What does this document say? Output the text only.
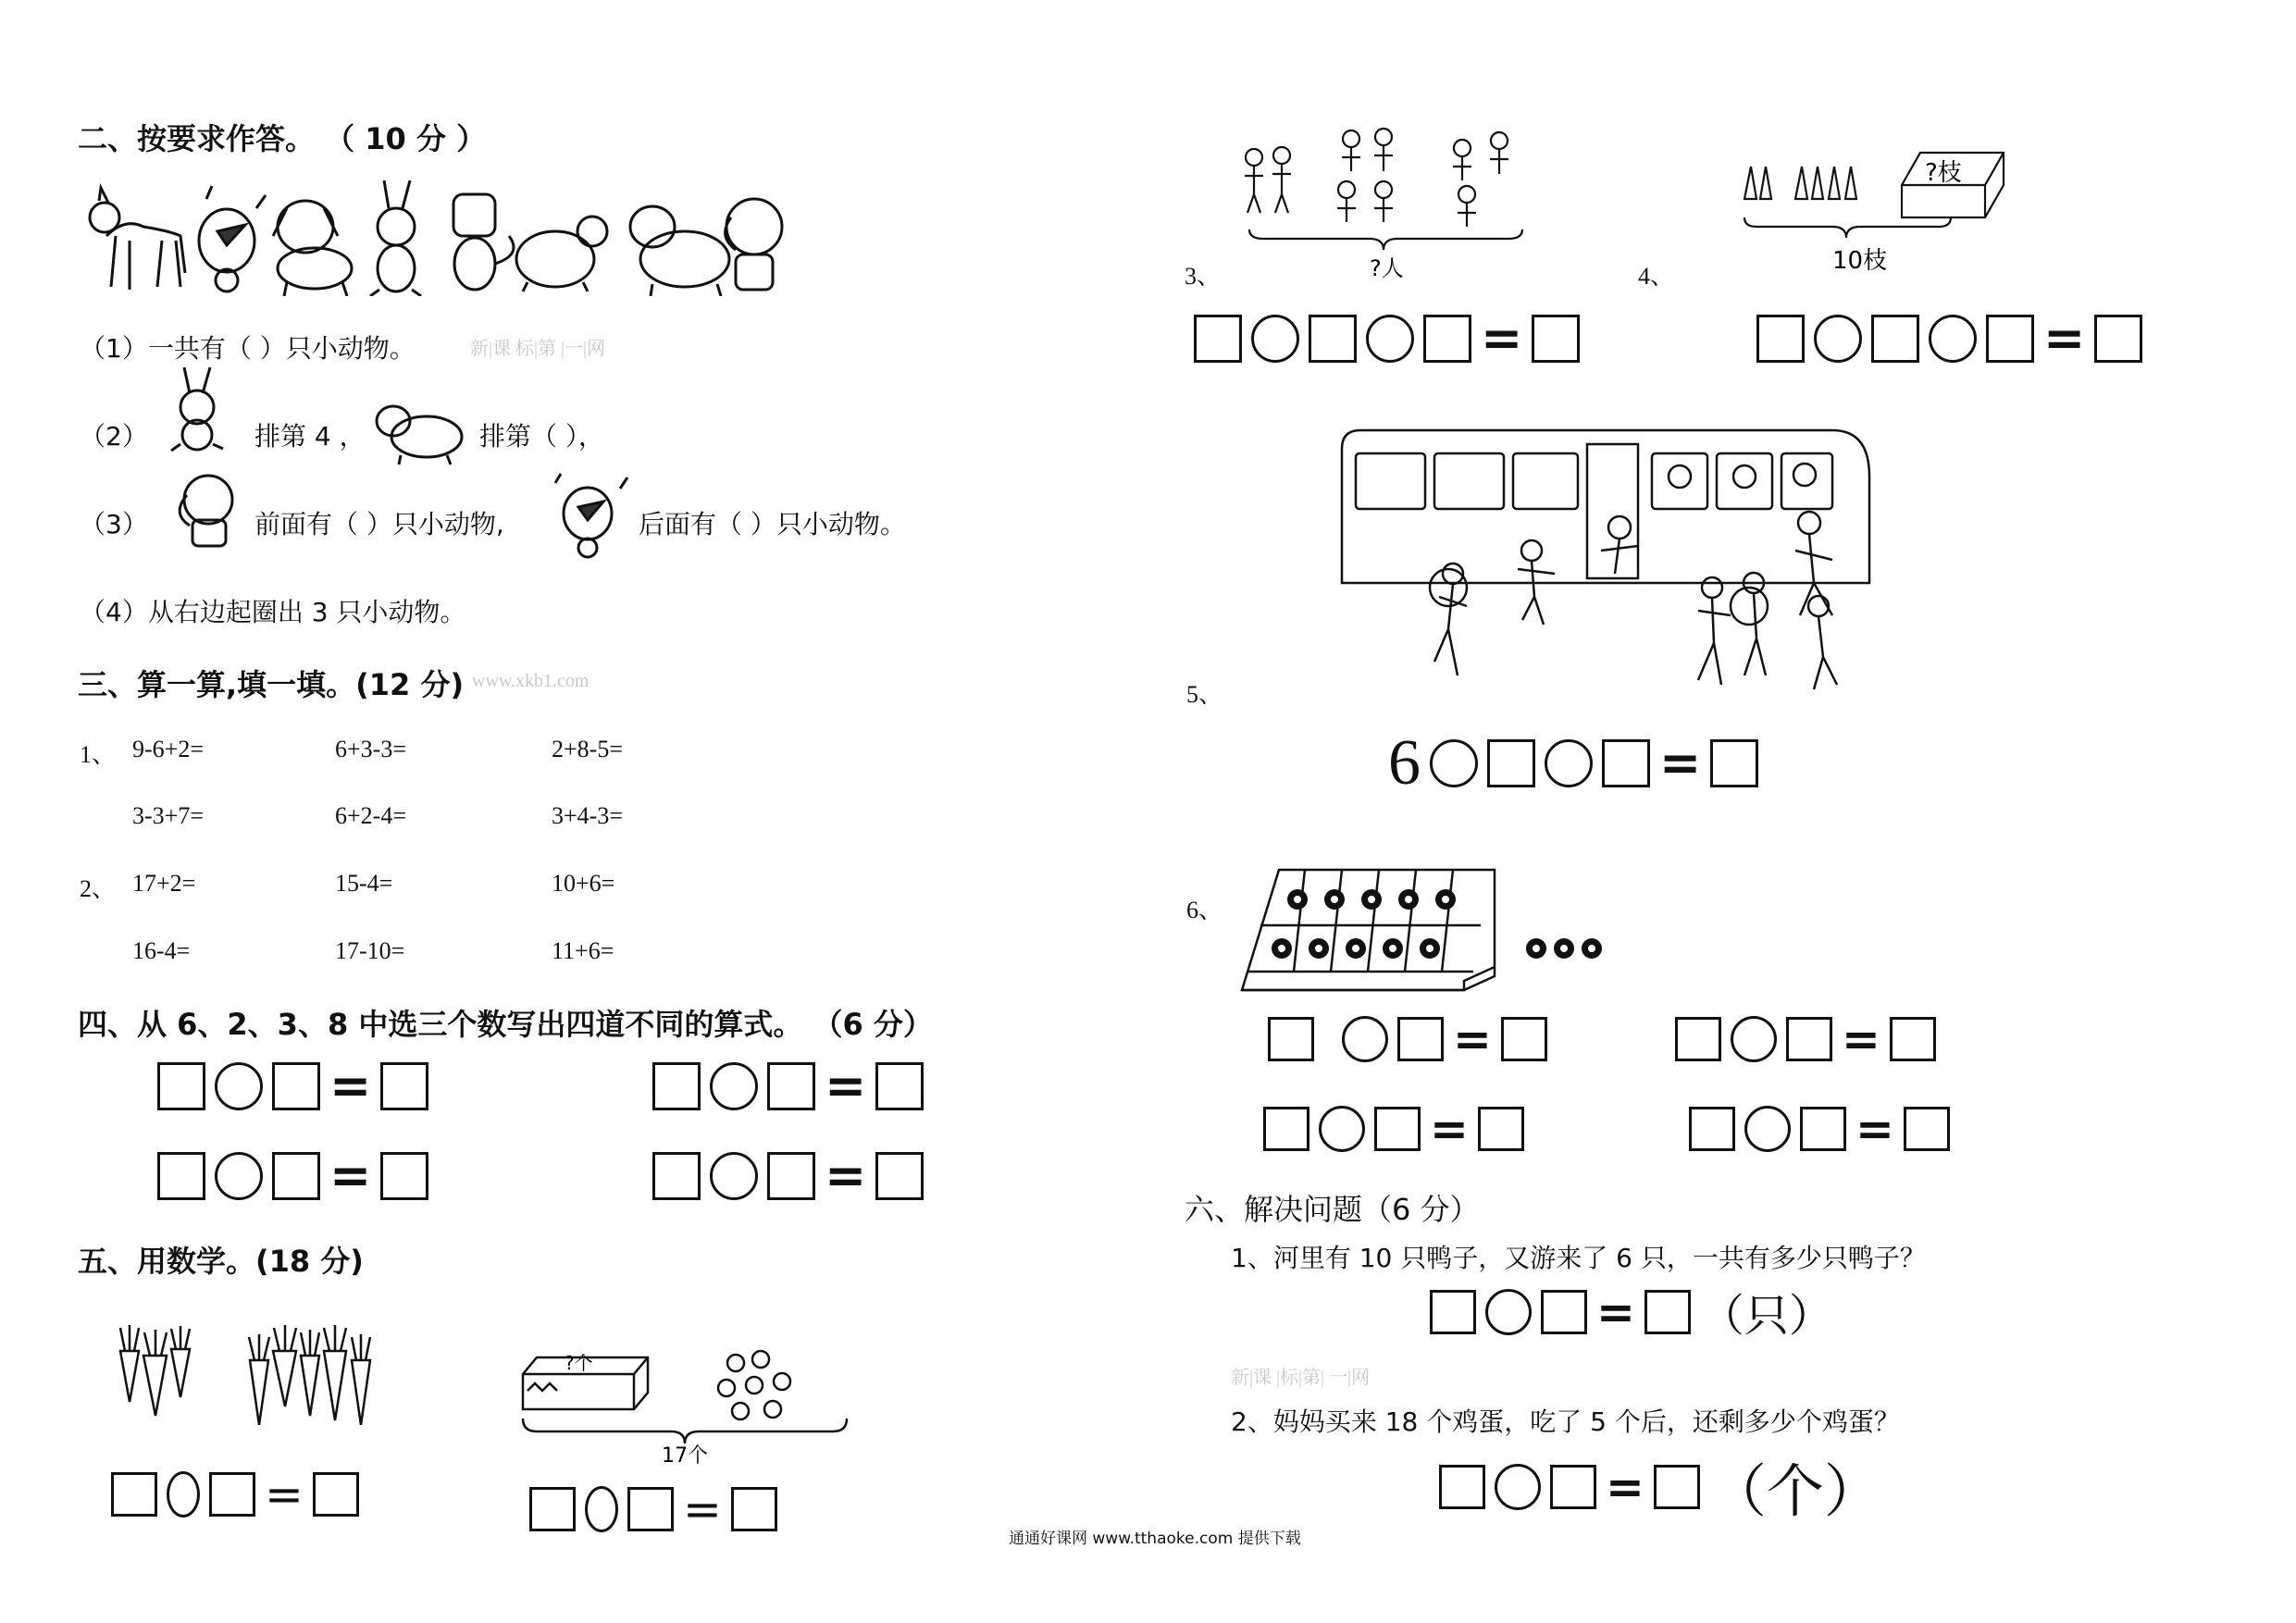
二、按要求作答。 （ 10 分 ）
（1）一共有（ ）只小动物。	新|课 标|第 |一|网
（2）	排第 4 ，	排第（ ），
（3）	前面有（ ）只小动物,	后面有（ ）只小动物。
（4）从右边起圈出 3 只小动物。
三、算一算,填一填。(12 分) www.xkb1.com
1、 9-6+2=	6+3-3=	2+8-5=
3-3+7=	6+2-4=	3+4-3=
2、 17+2=	15-4=	10+6=
16-4=	17-10=	11+6=
四、从 6、2、3、8 中选三个数写出四道不同的算式。 （6 分）
=	=
=	=
五、用数学。(18 分)
=
?个
17个
=
?人
3、
=
?枝
10枝
4、
=
5、
6	=
6、
=	=
=	=
六、解决问题（6 分）
1、河里有 10 只鸭子，又游来了 6 只，一共有多少只鸭子？
= （只）
新|课 |标|第| 一|网
2、妈妈买来 18 个鸡蛋，吃了 5 个后，还剩多少个鸡蛋？
= （个）
通通好课网 www.tthaoke.com 提供下载
